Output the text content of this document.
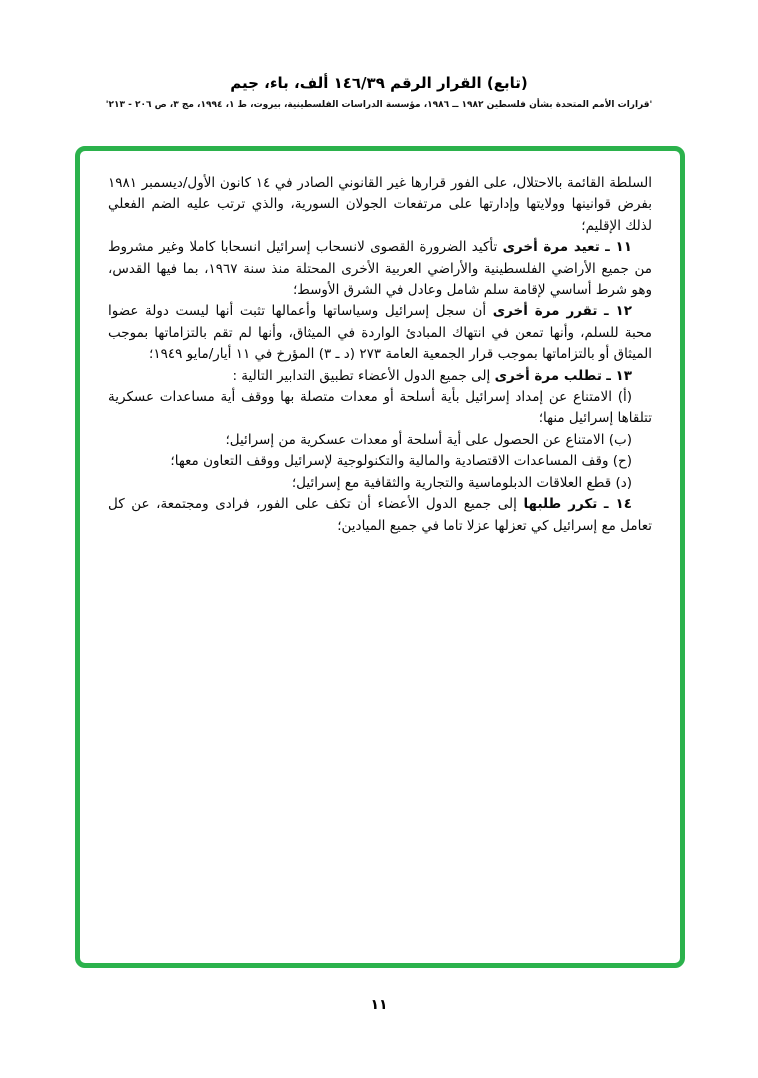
(تابع) القرار الرقم ١٤٦/٣٩ ألف، باء، جيم
'قرارات الأمم المتحدة بشأن فلسطين ١٩٨٢ ــ ١٩٨٦، مؤسسة الدراسات الفلسطينية، بيروت، ط ١، ١٩٩٤، مج ٣، ص ٢٠٦ - ٢١٣'

السلطة القائمة بالاحتلال، على الفور قرارها غير القانوني الصادر في ١٤ كانون الأول/ديسمبر ١٩٨١ بفرض قوانينها وولايتها وإدارتها على مرتفعات الجولان السورية، والذي ترتب عليه الضم الفعلي لذلك الإقليم؛

١١ ـ تعيد مرة أخرى تأكيد الضرورة القصوى لانسحاب إسرائيل انسحابا كاملا وغير مشروط من جميع الأراضي الفلسطينية والأراضي العربية الأخرى المحتلة منذ سنة ١٩٦٧، بما فيها القدس، وهو شرط أساسي لإقامة سلم شامل وعادل في الشرق الأوسط؛

١٢ ـ تقرر مرة أخرى أن سجل إسرائيل وسياساتها وأعمالها تثبت أنها ليست دولة عضوا محبة للسلم، وأنها تمعن في انتهاك المبادئ الواردة في الميثاق، وأنها لم تقم بالتزاماتها بموجب الميثاق أو بالتزاماتها بموجب قرار الجمعية العامة ٢٧٣ (د ـ ٣) المؤرخ في ١١ أيار/مايو ١٩٤٩؛

١٣ ـ تطلب مرة أخرى إلى جميع الدول الأعضاء تطبيق التدابير التالية :

(أ) الامتناع عن إمداد إسرائيل بأية أسلحة أو معدات متصلة بها ووقف أية مساعدات عسكرية تتلقاها إسرائيل منها؛

(ب) الامتناع عن الحصول على أية أسلحة أو معدات عسكرية من إسرائيل؛

(ح) وقف المساعدات الاقتصادية والمالية والتكنولوجية لإسرائيل ووقف التعاون معها؛

(د) قطع العلاقات الدبلوماسية والتجارية والثقافية مع إسرائيل؛

١٤ ـ تكرر طلبها إلى جميع الدول الأعضاء أن تكف على الفور، فرادى ومجتمعة، عن كل تعامل مع إسرائيل كي تعزلها عزلا تاما في جميع الميادين؛

١١
